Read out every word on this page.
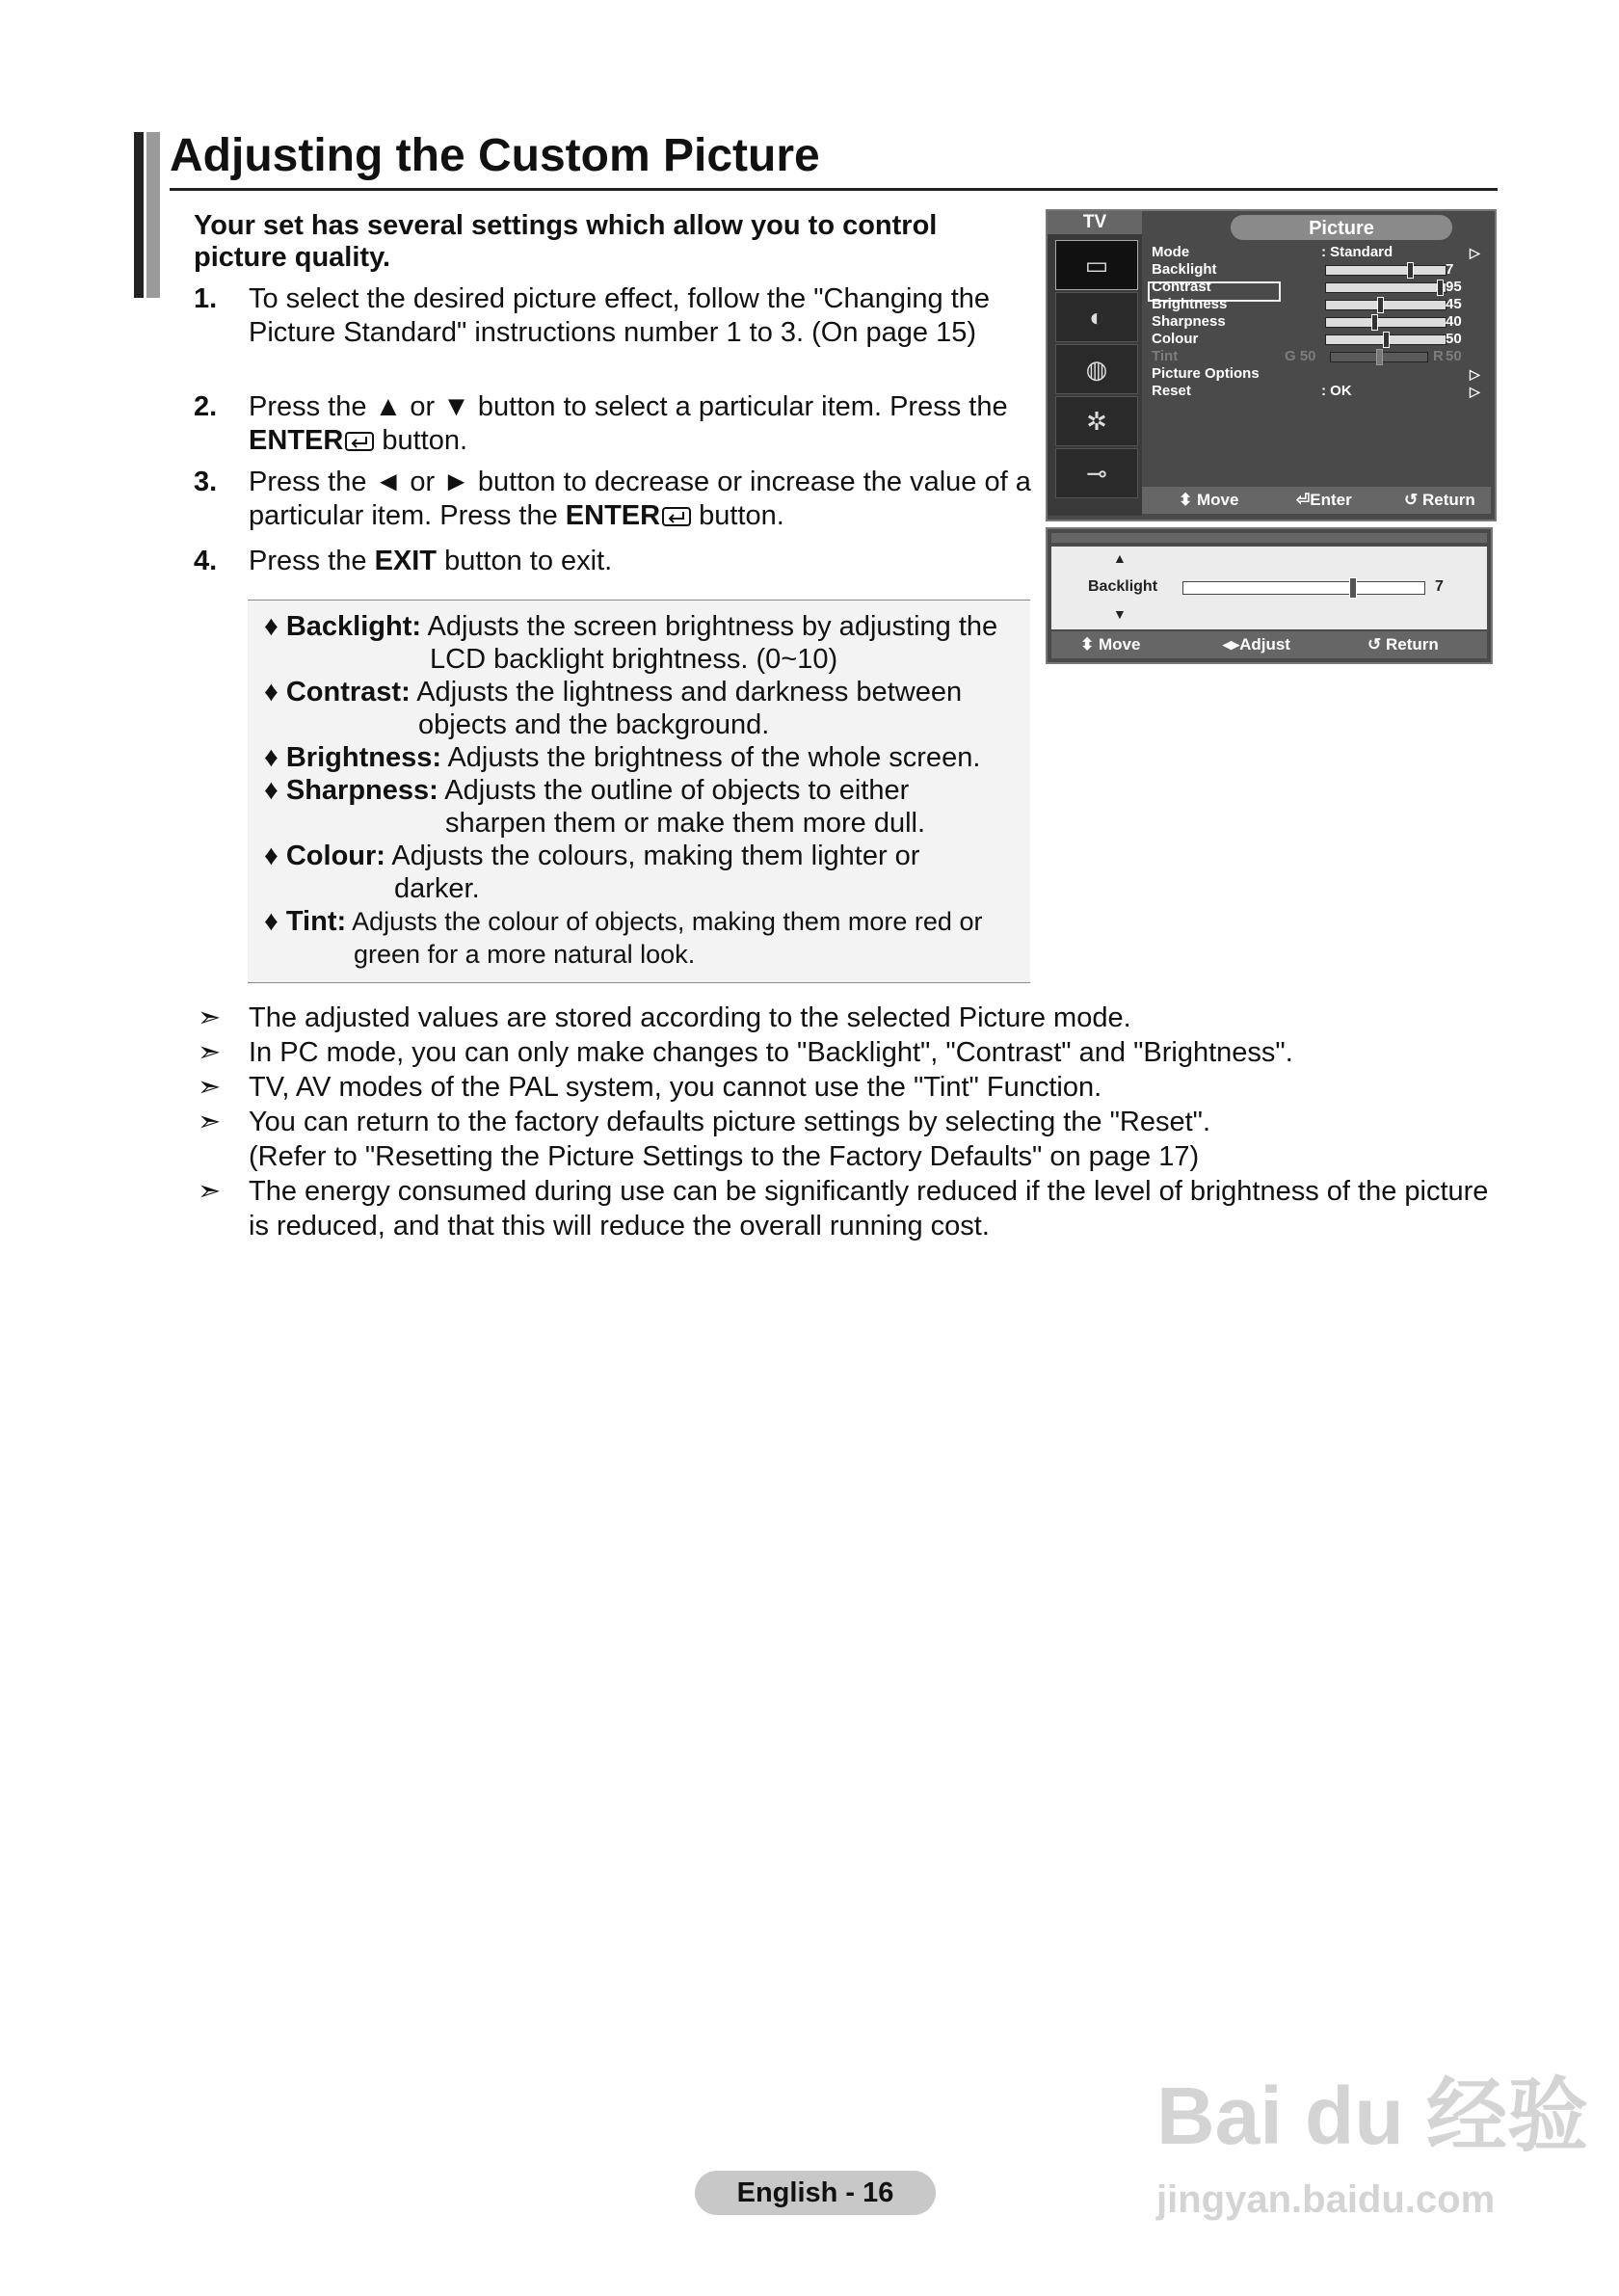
Adjusting the Custom Picture
Your set has several settings which allow you to control picture quality.
1. To select the desired picture effect, follow the "Changing the Picture Standard" instructions number 1 to 3. (On page 15)
2. Press the ▲ or ▼ button to select a particular item. Press the ENTER button.
3. Press the ◄ or ► button to decrease or increase the value of a particular item. Press the ENTER button.
4. Press the EXIT button to exit.
♦ Backlight: Adjusts the screen brightness by adjusting the
LCD backlight brightness. (0~10)
♦ Contrast: Adjusts the lightness and darkness between
objects and the background.
♦ Brightness: Adjusts the brightness of the whole screen.
♦ Sharpness: Adjusts the outline of objects to either
sharpen them or make them more dull.
♦ Colour: Adjusts the colours, making them lighter or
darker.
♦ Tint: Adjusts the colour of objects, making them more red or
green for a more natural look.
➣ The adjusted values are stored according to the selected Picture mode.
➣ In PC mode, you can only make changes to "Backlight", "Contrast" and "Brightness".
➣ TV, AV modes of the PAL system, you cannot use the "Tint" Function.
➣ You can return to the factory defaults picture settings by selecting the "Reset".
(Refer to "Resetting the Picture Settings to the Factory Defaults" on page 17)
➣ The energy consumed during use can be significantly reduced if the level of brightness of the picture
is reduced, and that this will reduce the overall running cost.
TV
▭
◐
◍
✲
⊸
Picture
Mode	: Standard	▷
Backlight	7
Contrast	95
Brightness	45
Sharpness	40
Colour	50
Tint	G 50	R 50
Picture Options	▷
Reset	: OK	▷
⬍ Move	⏎Enter	↺ Return
▲
Backlight
▼
7
⬍ Move	◂▸Adjust	↺ Return
English - 16
Bai du 经验
jingyan.baidu.com
